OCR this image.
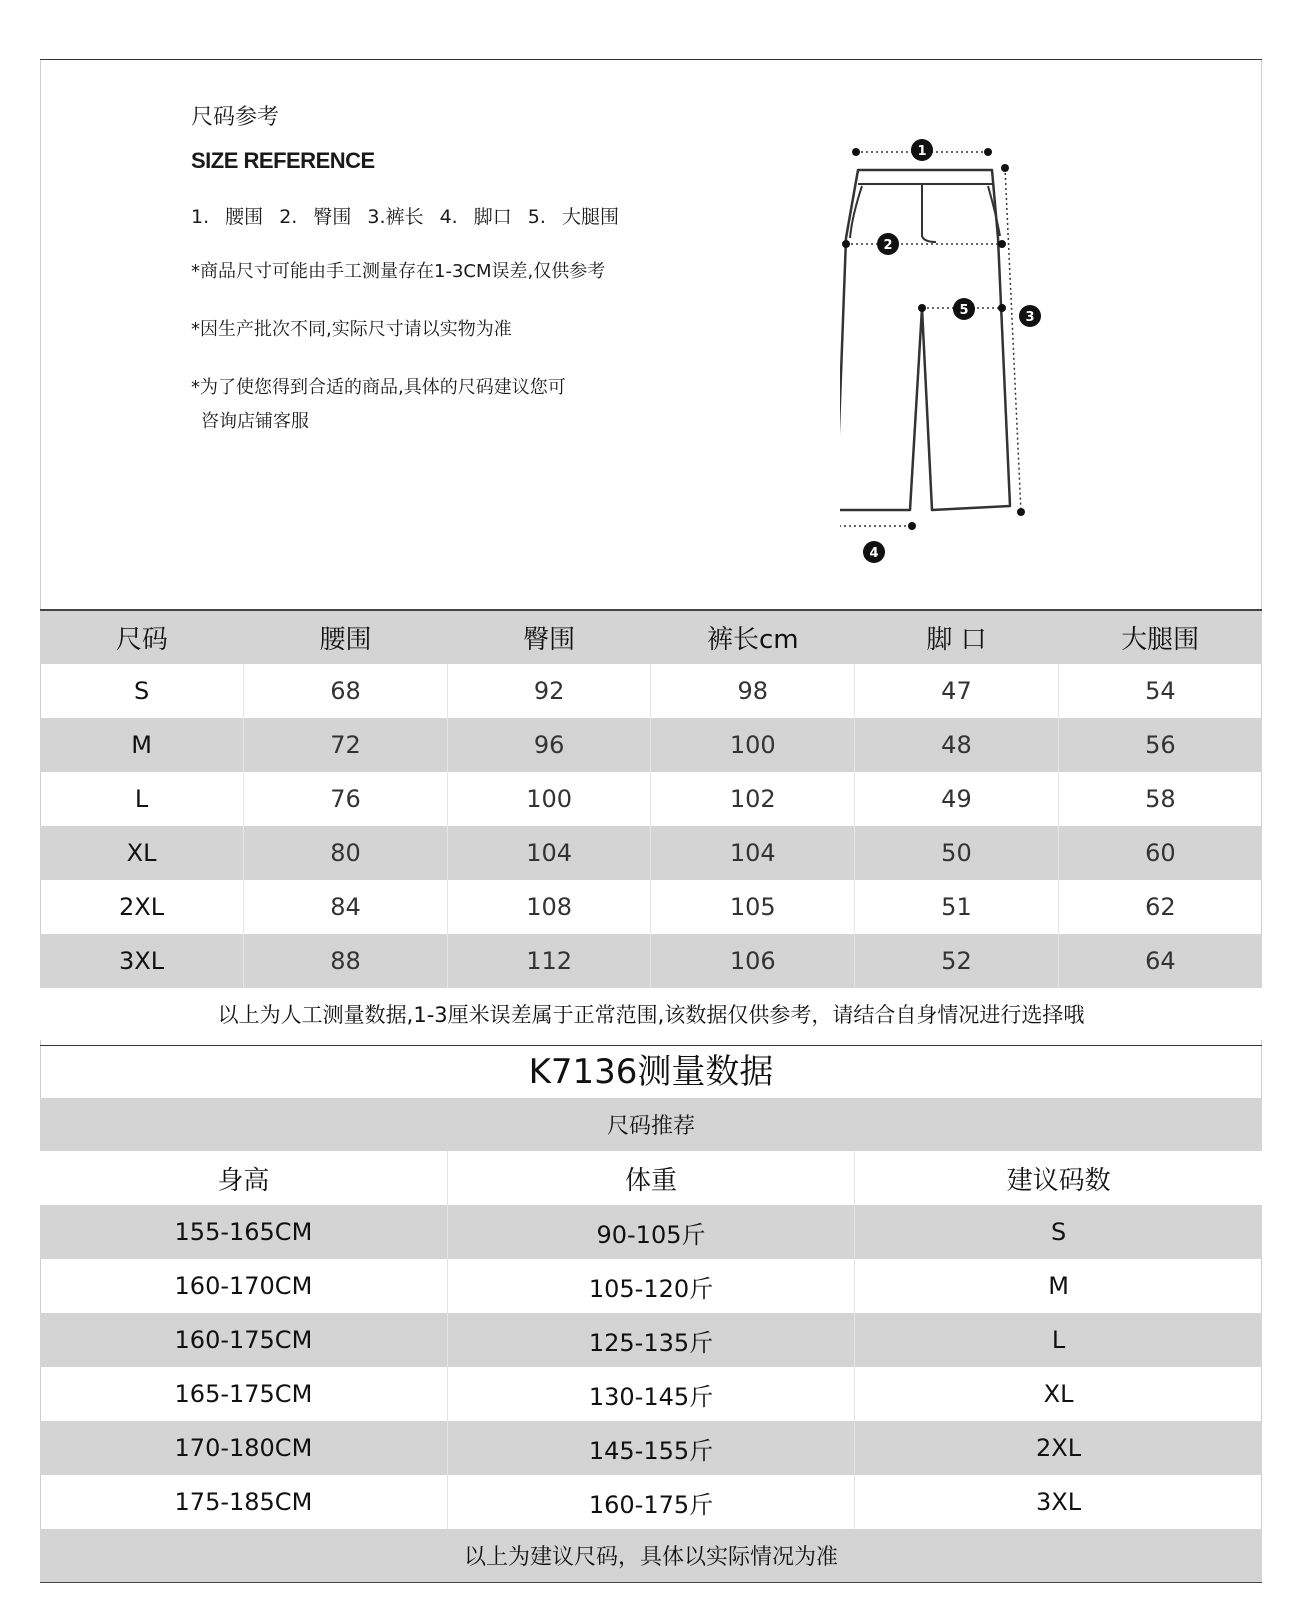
尺码参考

SIZE REFERENCE

1. 腰围 2. 臀围 3.裤长 4. 脚口 5. 大腿围

*商品尺寸可能由手工测量存在1-3CM误差,仅供参考

*因生产批次不同,实际尺寸请以实物为准

*为了使您得到合适的商品,具体的尺码建议您可

咨询店铺客服

1
2
3
4
5
尺码	腰围	臀围	裤长cm	脚 口	大腿围
S	68	92	98	47	54
M	72	96	100	48	56
L	76	100	102	49	58
XL	80	104	104	50	60
2XL	84	108	105	51	62
3XL	88	112	106	52	64
以上为人工测量数据,1-3厘米误差属于正常范围,该数据仅供参考，请结合自身情况进行选择哦					
K7136测量数据
尺码推荐		
身高	体重	建议码数
155-165CM	90-105斤	S
160-170CM	105-120斤	M
160-175CM	125-135斤	L
165-175CM	130-145斤	XL
170-180CM	145-155斤	2XL
175-185CM	160-175斤	3XL
以上为建议尺码，具体以实际情况为准		
